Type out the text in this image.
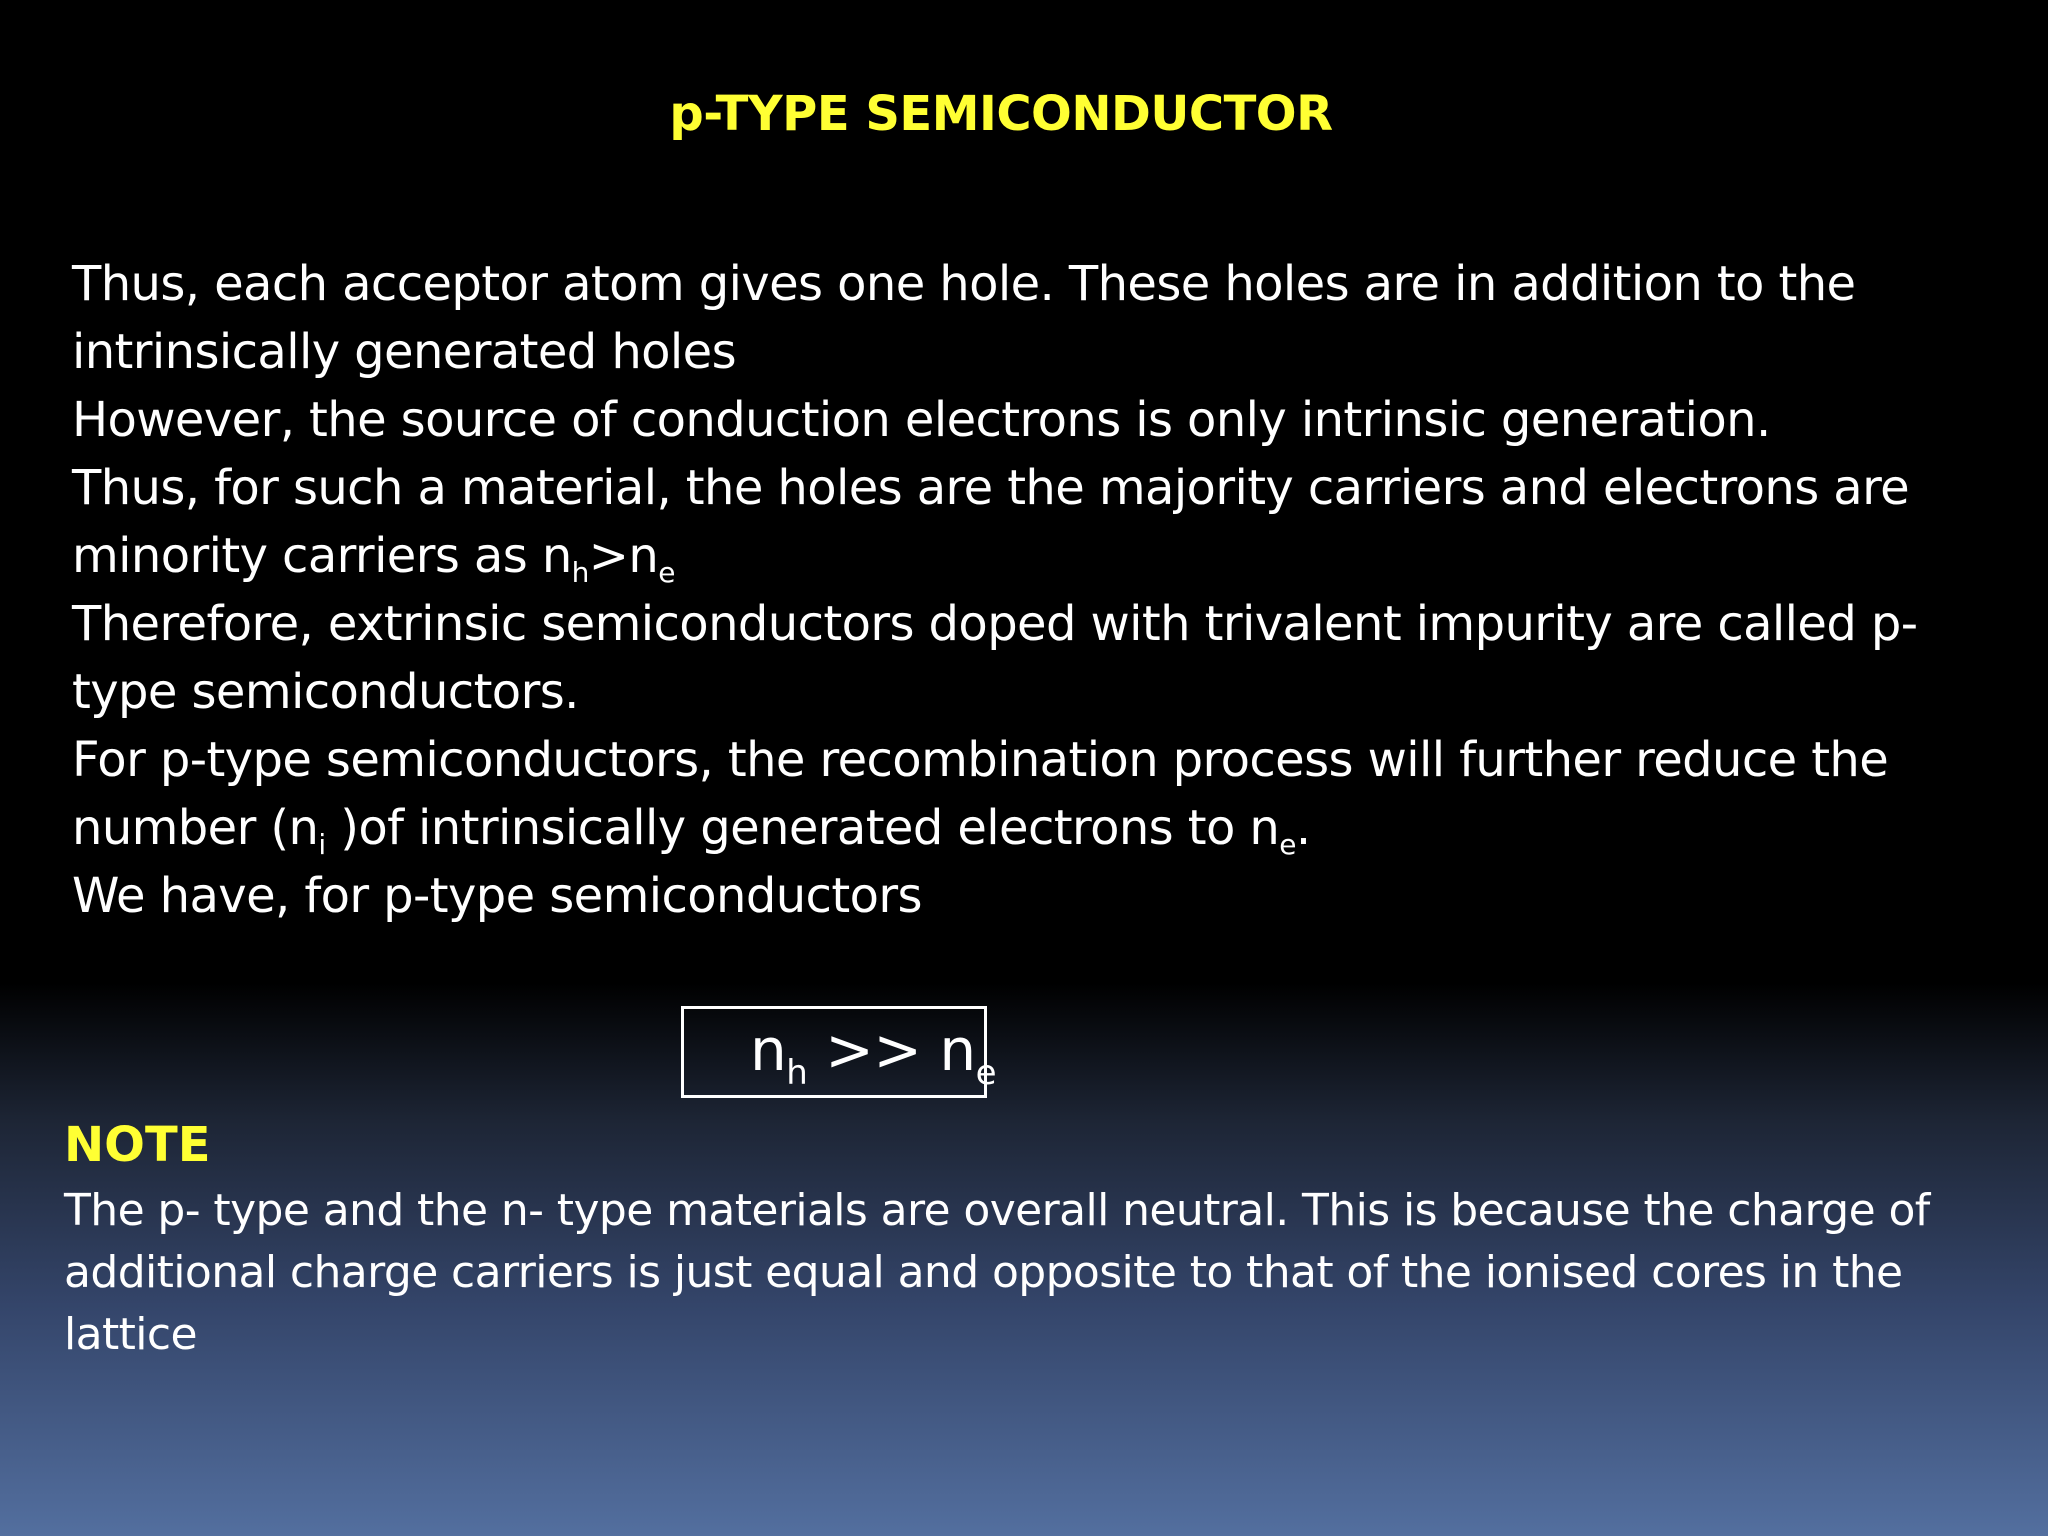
p-TYPE SEMICONDUCTOR
Thus, each acceptor atom gives one hole. These holes are in addition to the
intrinsically generated holes
However, the source of conduction electrons is only intrinsic generation.
Thus, for such a material, the holes are the majority carriers and electrons are
minority carriers as $n_h>n_e$
Therefore, extrinsic semiconductors doped with trivalent impurity are called p-
type semiconductors.
For p-type semiconductors, the recombination process will further reduce the
number ($n_i$ )of intrinsically generated electrons to $n_e$.
We have, for p-type semiconductors
$n_h >> n_e$
NOTE
The p- type and the n- type materials are overall neutral. This is because the charge of additional charge carriers is just equal and opposite to that of the ionised cores in the lattice
